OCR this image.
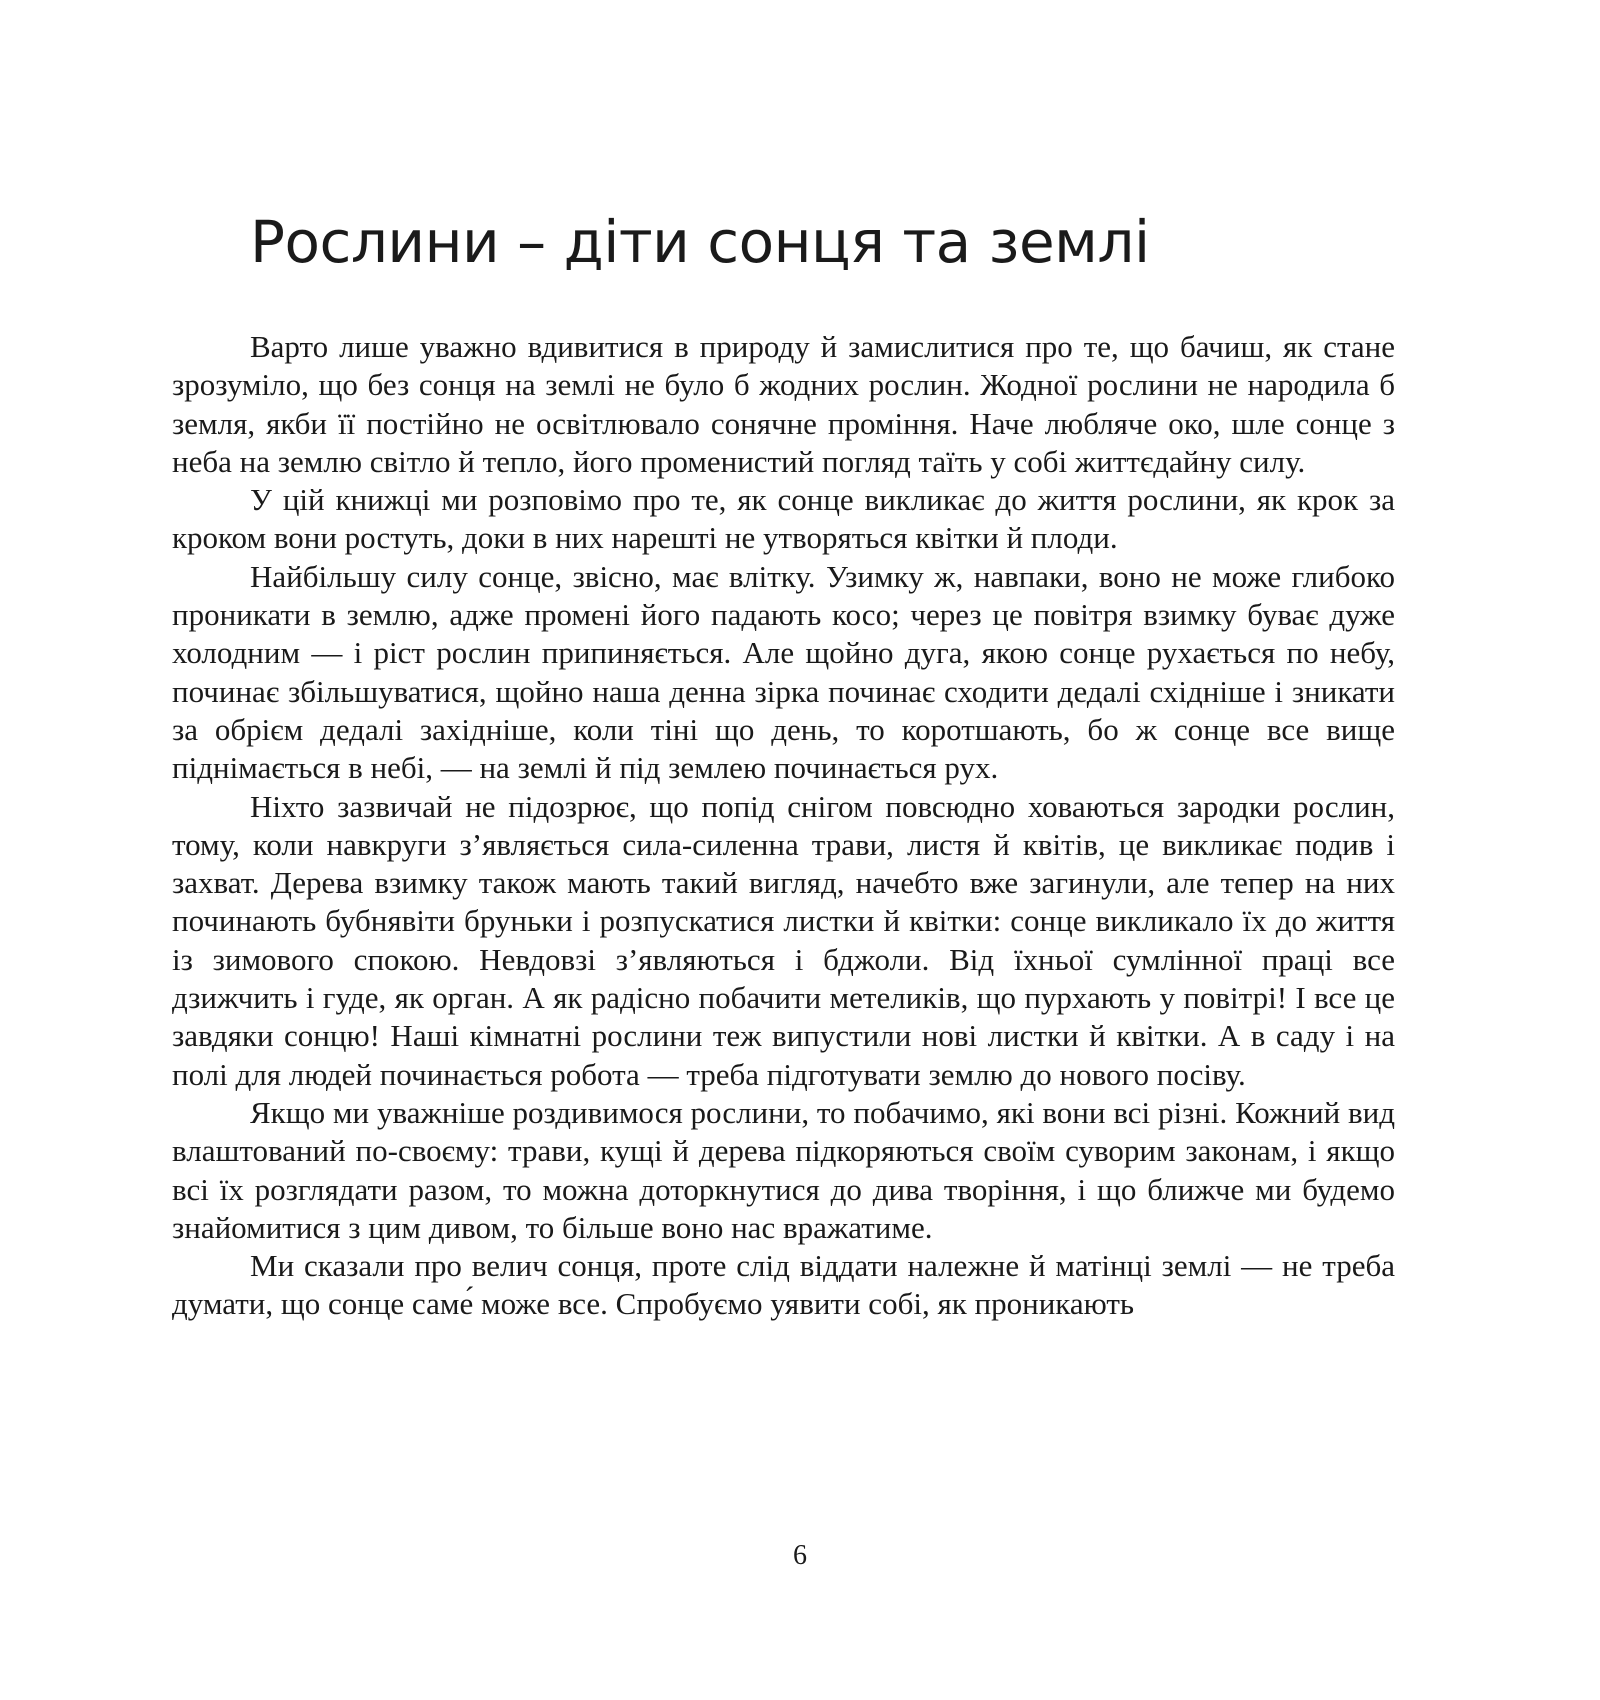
Рослини – діти сонця та землі

Варто лише уважно вдивитися в природу й замислитися про те, що бачиш, як стане зрозуміло, що без сонця на землі не було б жодних рослин. Жодної рослини не народила б земля, якби її постійно не освітлювало сонячне проміння. Наче люблячe око, шле сонце з неба на землю світло й тепло, його променистий погляд таїть у собі життєдайну силу.

У цій книжці ми розповімо про те, як сонце викликає до життя рослини, як крок за кроком вони ростуть, доки в них нарешті не утворяться квітки й плоди.

Найбільшу силу сонце, звісно, має влітку. Узимку ж, навпаки, воно не може глибоко проникати в землю, адже промені його падають косо; через це повітря взимку буває дуже холодним — і ріст рослин припиняється. Але щойно дуга, якою сонце рухається по небу, починає збільшуватися, щойно наша денна зірка починає сходити дедалі східніше і зникати за обрієм дедалі західніше, коли тіні що день, то коротшають, бо ж сонце все вище піднімається в небі, — на землі й під землею починається рух.

Ніхто зазвичай не підозрює, що попід снігом повсюдно ховаються зародки рослин, тому, коли навкруги з’являється сила-силенна трави, листя й квітів, це викликає подив і захват. Дерева взимку також мають такий вигляд, начебто вже загинули, але тепер на них починають бубнявіти бруньки і розпускатися листки й квітки: сонце викликало їх до життя із зимового спокою. Невдовзі з’являються і бджоли. Від їхньої сумлінної праці все дзижчить і гуде, як орган. А як радісно побачити метеликів, що пурхають у повітрі! І все це завдяки сонцю! Наші кімнатні рослини теж випустили нові листки й квітки. А в саду і на полі для людей починається робота — треба підготувати землю до нового посіву.

Якщо ми уважніше роздивимося рослини, то побачимо, які вони всі різні. Кожний вид влаштований по-своєму: трави, кущі й дерева підкоряються своїм суворим законам, і якщо всі їх розглядати разом, то можна доторкнутися до дива творіння, і що ближче ми будемо знайомитися з цим дивом, то більше воно нас вражатиме.

Ми сказали про велич сонця, проте слід віддати належне й матінці землі — не треба думати, що сонце саме́ може все. Спробуємо уявити собі, як проникають

6
